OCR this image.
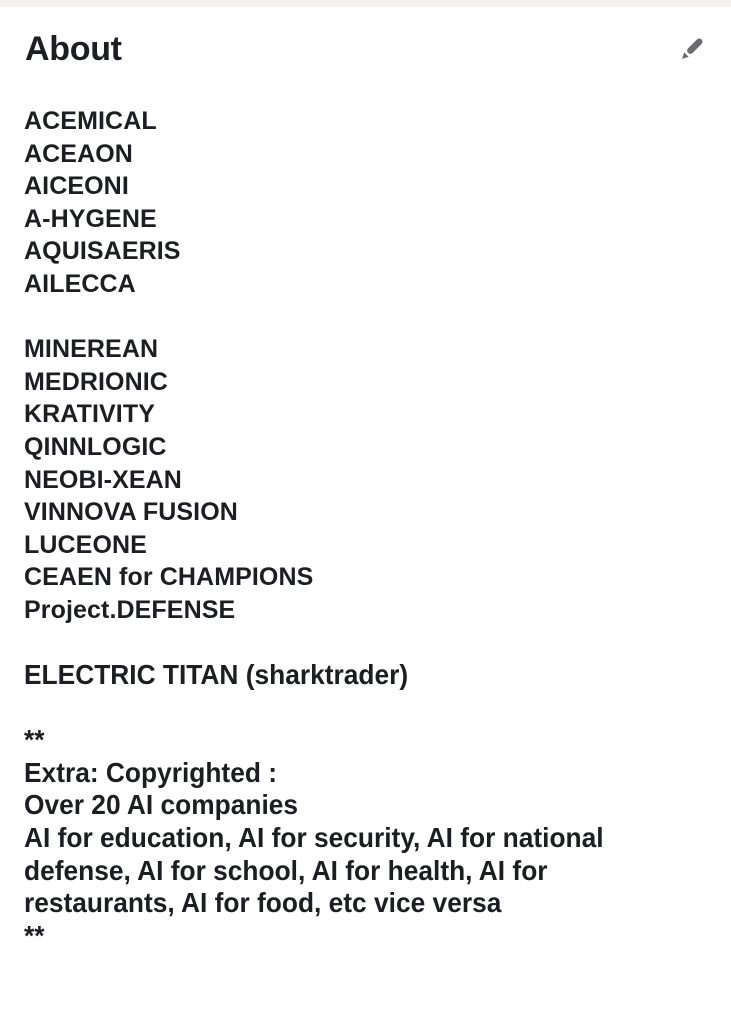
About
ACEMICAL
ACEAON
AICEONI
A-HYGENE
AQUISAERIS
AILECCA
MINEREAN
MEDRIONIC
KRATIVITY
QINNLOGIC
NEOBI-XEAN
VINNOVA FUSION
LUCEONE
CEAEN for CHAMPIONS
Project.DEFENSE
ELECTRIC TITAN (sharktrader)
**
Extra: Copyrighted :
Over 20 AI companies
AI for education, AI for security, AI for national
defense, AI for school, AI for health, AI for
restaurants, AI for food, etc vice versa
**
